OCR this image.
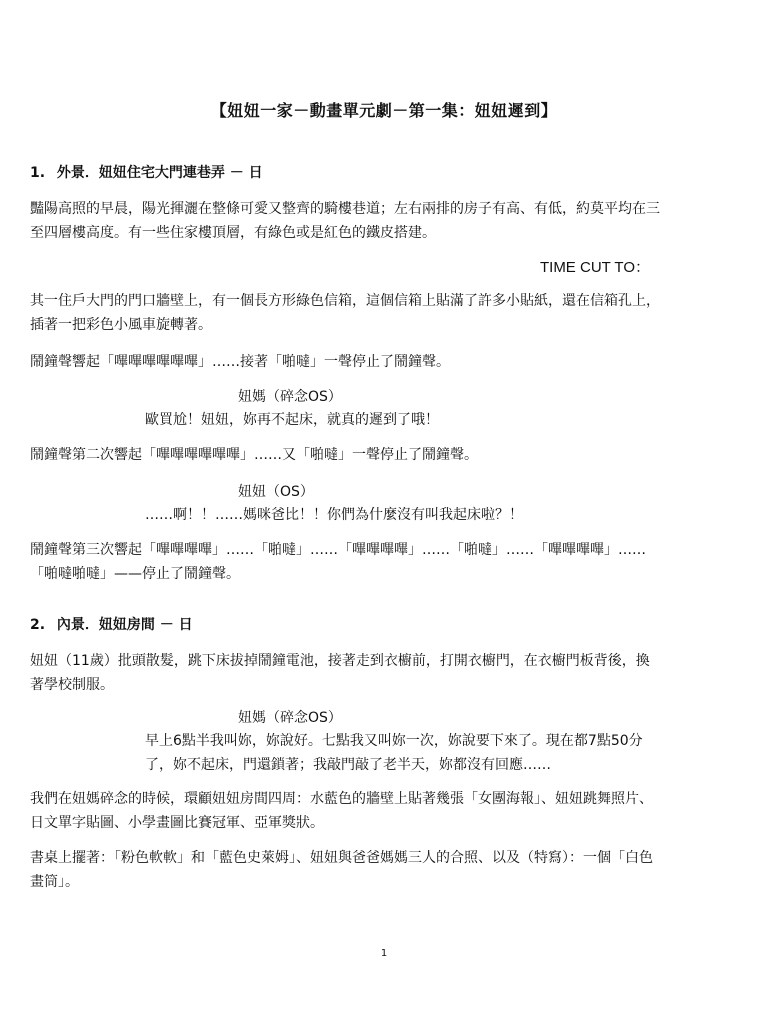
【妞妞一家－動畫單元劇－第一集：妞妞遲到】
1. 外景．妞妞住宅大門連巷弄 － 日
豔陽高照的早晨，陽光揮灑在整條可愛又整齊的騎樓巷道；左右兩排的房子有高、有低，約莫平均在三至四層樓高度。有一些住家樓頂層，有綠色或是紅色的鐵皮搭建。
TIME CUT TO：
其一住戶大門的門口牆壁上，有一個長方形綠色信箱，這個信箱上貼滿了許多小貼紙，還在信箱孔上，插著一把彩色小風車旋轉著。
鬧鐘聲響起「嗶嗶嗶嗶嗶嗶」……接著「啪噠」一聲停止了鬧鐘聲。
妞媽（碎念OS）
歐買尬！妞妞，妳再不起床，就真的遲到了哦！
鬧鐘聲第二次響起「嗶嗶嗶嗶嗶嗶」……又「啪噠」一聲停止了鬧鐘聲。
妞妞（OS）
……啊！！……媽咪爸比！！你們為什麼沒有叫我起床啦？！
鬧鐘聲第三次響起「嗶嗶嗶嗶」……「啪噠」……「嗶嗶嗶嗶」……「啪噠」……「嗶嗶嗶嗶」……「啪噠啪噠」——停止了鬧鐘聲。
2. 內景．妞妞房間 － 日
妞妞（11歲）批頭散髮，跳下床拔掉鬧鐘電池，接著走到衣櫥前，打開衣櫥門，在衣櫥門板背後，換著學校制服。
妞媽（碎念OS）
早上6點半我叫妳，妳說好。七點我又叫妳一次，妳說要下來了。現在都7點50分了，妳不起床，門還鎖著；我敲門敲了老半天，妳都沒有回應……
我們在妞媽碎念的時候，環顧妞妞房間四周：水藍色的牆壁上貼著幾張「女團海報」、妞妞跳舞照片、日文單字貼圖、小學畫圖比賽冠軍、亞軍獎狀。
書桌上擺著：「粉色軟軟」和「藍色史萊姆」、妞妞與爸爸媽媽三人的合照、以及（特寫）：一個「白色畫筒」。
1
